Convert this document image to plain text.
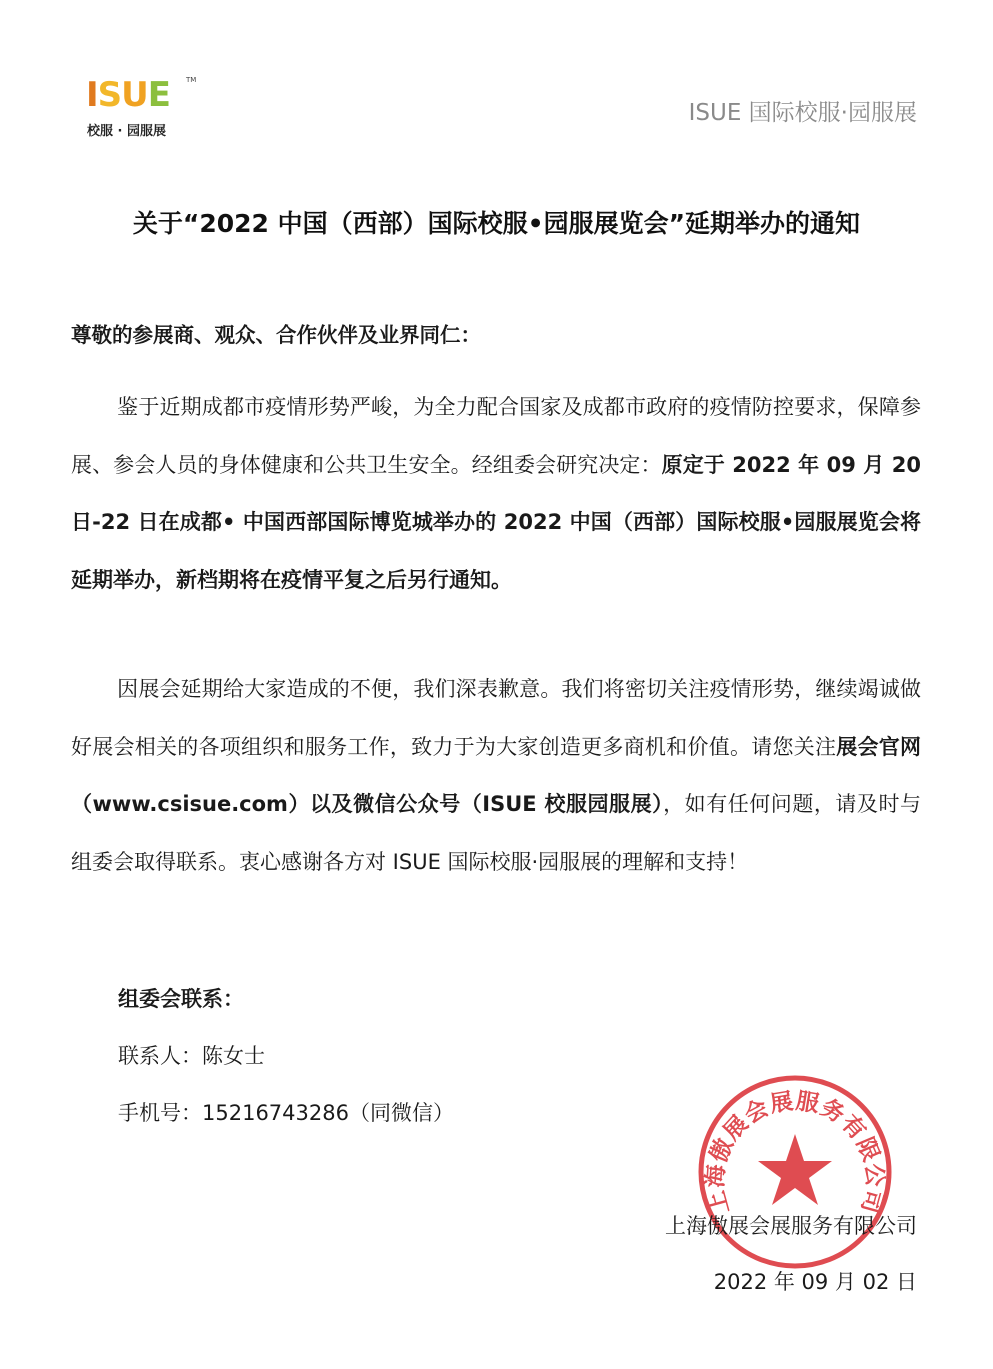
I S U E TM
校服 · 园服展
ISUE 国际校服·园服展
关于“2022 中国（西部）国际校服•园服展览会”延期举办的通知
尊敬的参展商、观众、合作伙伴及业界同仁：
鉴于近期成都市疫情形势严峻，为全力配合国家及成都市政府的疫情防控要求，保障参展、参会人员的身体健康和公共卫生安全。经组委会研究决定：原定于 2022 年 09 月 20 日-22 日在成都• 中国西部国际博览城举办的 2022 中国（西部）国际校服•园服展览会将延期举办，新档期将在疫情平复之后另行通知。
因展会延期给大家造成的不便，我们深表歉意。我们将密切关注疫情形势，继续竭诚做好展会相关的各项组织和服务工作，致力于为大家创造更多商机和价值。请您关注展会官网（www.csisue.com）以及微信公众号（ISUE 校服园服展），如有任何问题，请及时与组委会取得联系。衷心感谢各方对 ISUE 国际校服·园服展的理解和支持！
组委会联系：
联系人：陈女士
手机号：15216743286（同微信）
上海傲展会展服务有限公司
上海傲展会展服务有限公司
2022 年 09 月 02 日
